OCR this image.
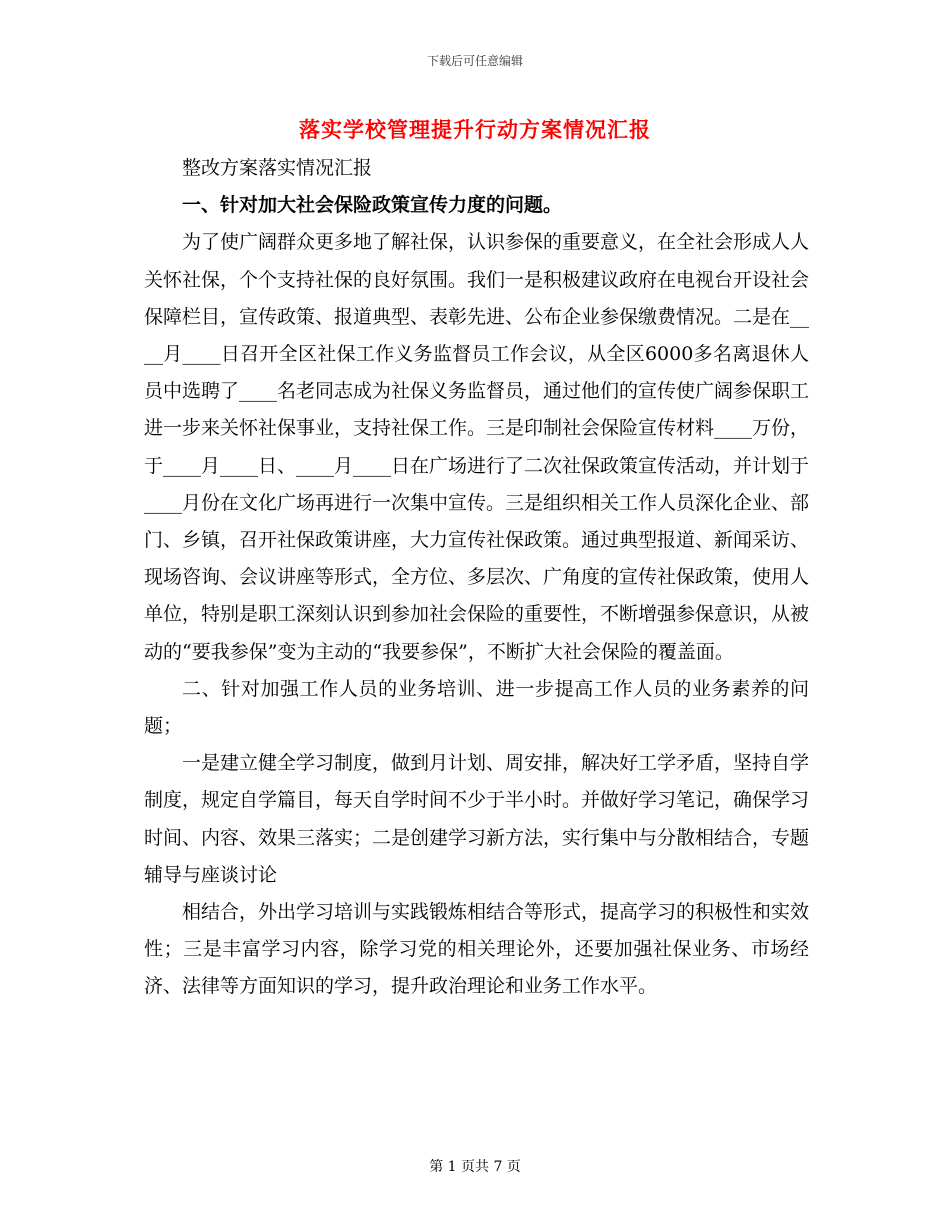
下载后可任意编辑
落实学校管理提升行动方案情况汇报

整改方案落实情况汇报

一、针对加大社会保险政策宣传力度的问题。

为了使广阔群众更多地了解社保，认识参保的重要意义，在全社会形成人人关怀社保，个个支持社保的良好氛围。我们一是积极建议政府在电视台开设社会保障栏目，宣传政策、报道典型、表彰先进、公布企业参保缴费情况。二是在____月____日召开全区社保工作义务监督员工作会议，从全区6000多名离退休人员中选聘了____名老同志成为社保义务监督员，通过他们的宣传使广阔参保职工进一步来关怀社保事业，支持社保工作。三是印制社会保险宣传材料____万份，于____月____日、____月____日在广场进行了二次社保政策宣传活动，并计划于____月份在文化广场再进行一次集中宣传。三是组织相关工作人员深化企业、部门、乡镇，召开社保政策讲座，大力宣传社保政策。通过典型报道、新闻采访、现场咨询、会议讲座等形式，全方位、多层次、广角度的宣传社保政策，使用人单位，特别是职工深刻认识到参加社会保险的重要性，不断增强参保意识，从被动的“要我参保”变为主动的“我要参保”，不断扩大社会保险的覆盖面。

二、针对加强工作人员的业务培训、进一步提高工作人员的业务素养的问题；

一是建立健全学习制度，做到月计划、周安排，解决好工学矛盾，坚持自学制度，规定自学篇目，每天自学时间不少于半小时。并做好学习笔记，确保学习时间、内容、效果三落实；二是创建学习新方法，实行集中与分散相结合，专题辅导与座谈讨论

相结合，外出学习培训与实践锻炼相结合等形式，提高学习的积极性和实效性；三是丰富学习内容，除学习党的相关理论外，还要加强社保业务、市场经济、法律等方面知识的学习，提升政治理论和业务工作水平。

第 1 页共 7 页
